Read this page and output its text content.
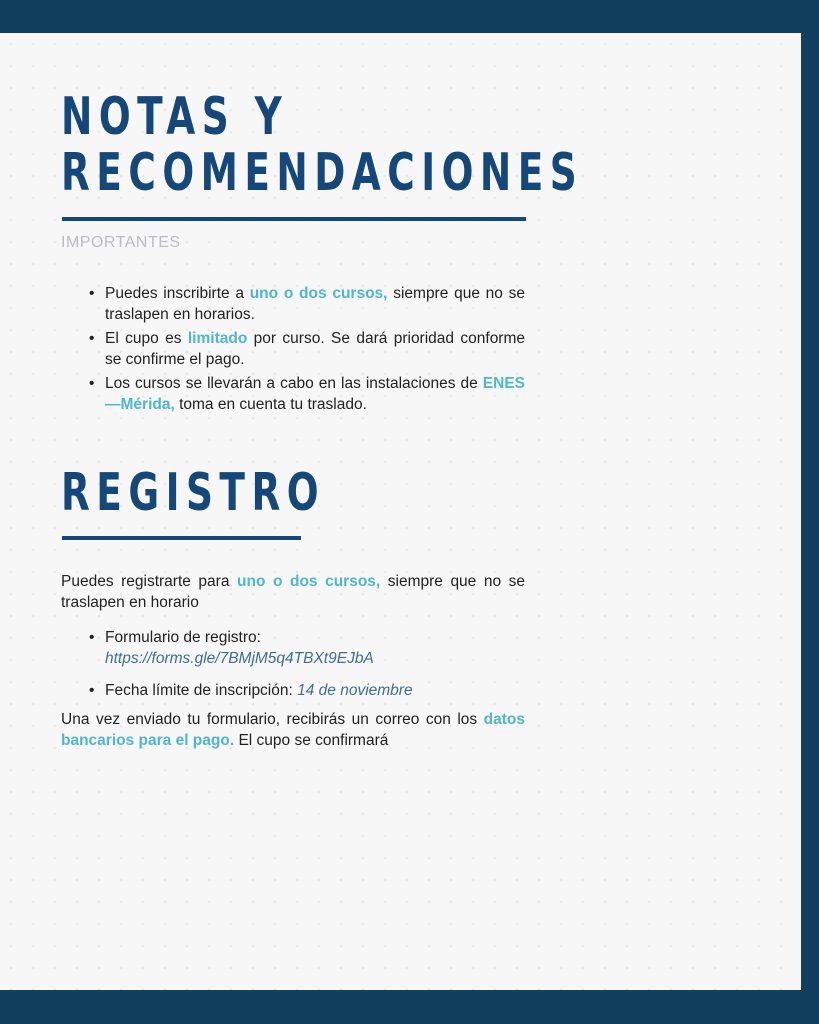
NOTAS Y
RECOMENDACIONES
IMPORTANTES
• Puedes inscribirte a uno o dos cursos, siempre que no se traslapen en horarios.
• El cupo es limitado por curso. Se dará prioridad conforme se confirme el pago.
• Los cursos se llevarán a cabo en las instalaciones de ENES—Mérida, toma en cuenta tu traslado.
REGISTRO

Puedes registrarte para uno o dos cursos, siempre que no se traslapen en horario

• Formulario de registro:
https://forms.gle/7BMjM5q4TBXt9EJbA
• Fecha límite de inscripción: 14 de noviembre

Una vez enviado tu formulario, recibirás un correo con los datos bancarios para el pago. El cupo se confirmará
